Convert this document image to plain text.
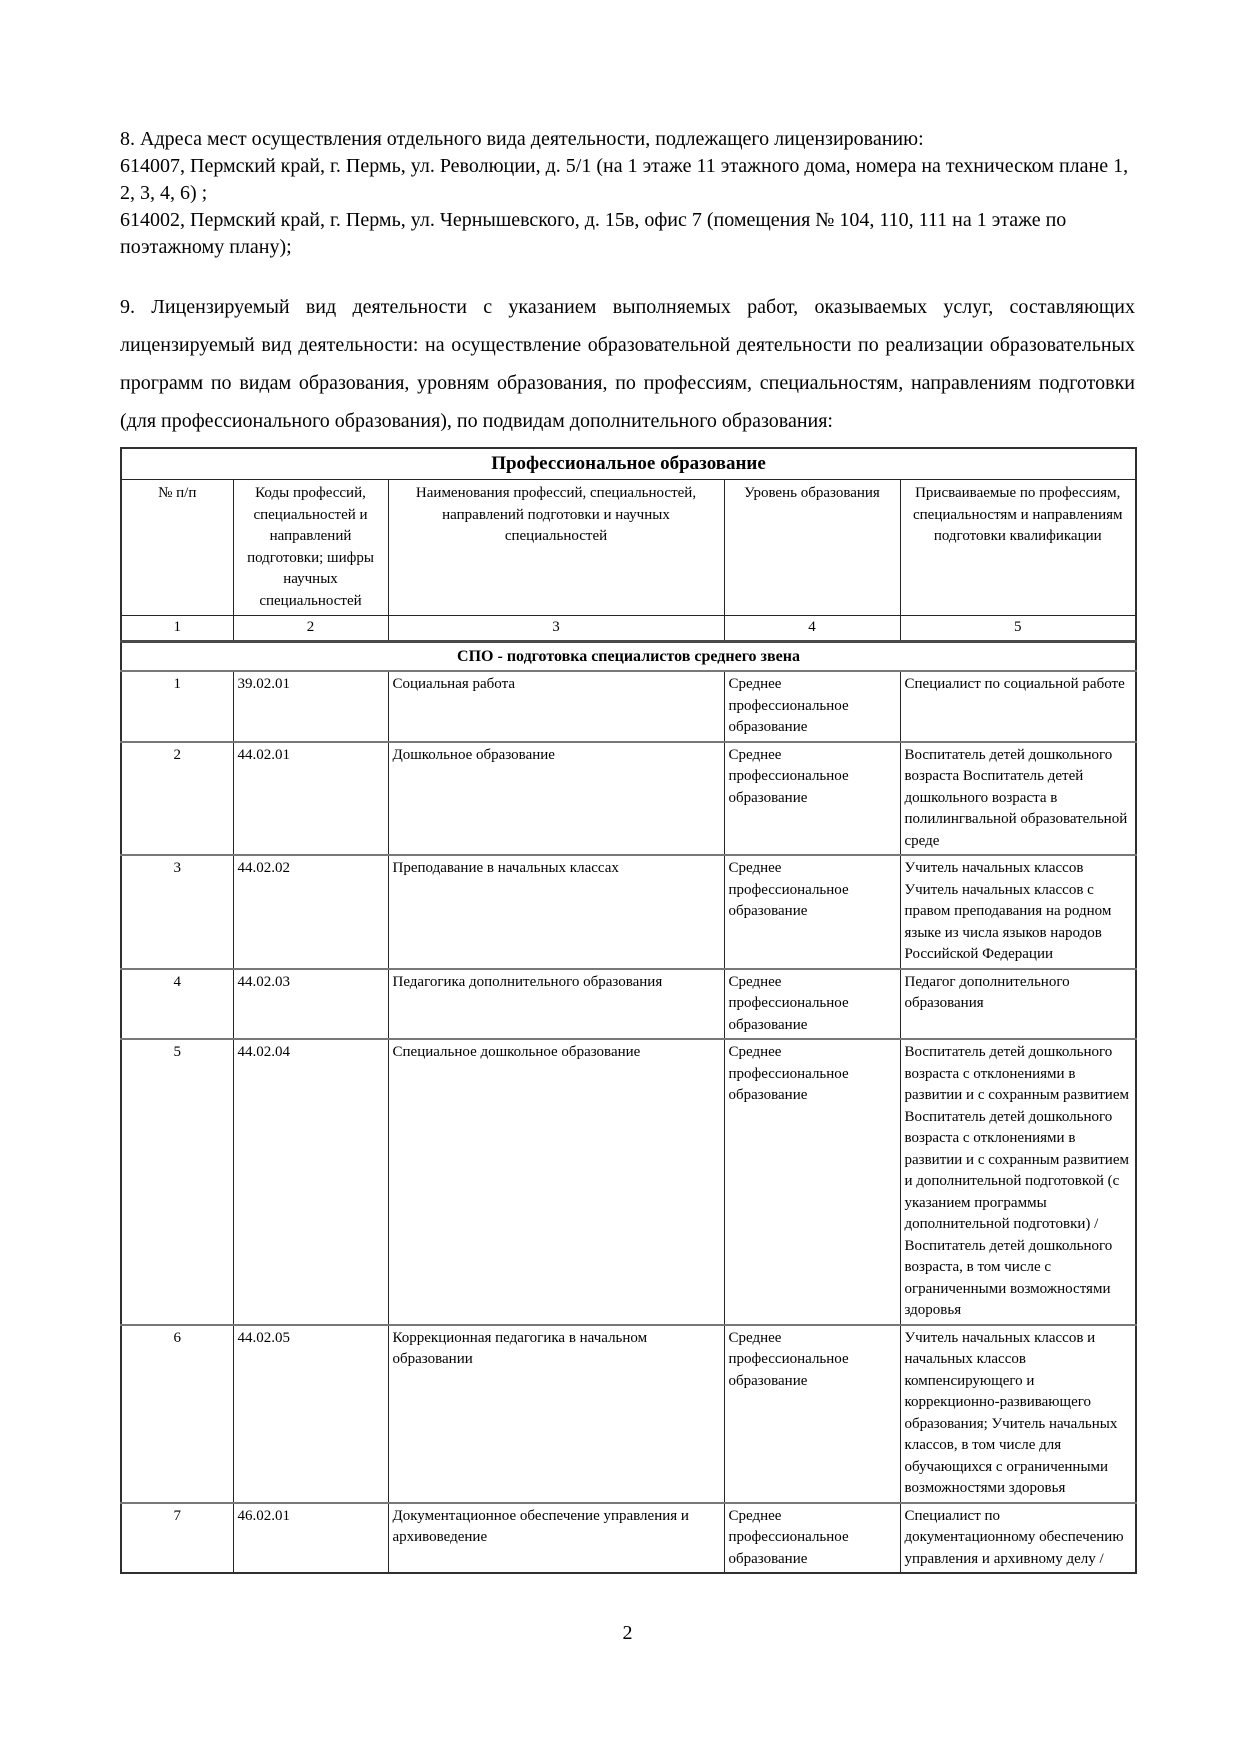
8. Адреса мест осуществления отдельного вида деятельности, подлежащего лицензированию:
614007, Пермский край, г. Пермь, ул. Революции, д. 5/1 (на 1 этаже 11 этажного дома, номера на техническом плане 1, 2, 3, 4, 6) ;
614002, Пермский край, г. Пермь, ул. Чернышевского, д. 15в, офис 7 (помещения № 104, 110, 111 на 1 этаже по поэтажному плану);
9. Лицензируемый вид деятельности с указанием выполняемых работ, оказываемых услуг, составляющих лицензируемый вид деятельности: на осуществление образовательной деятельности по реализации образовательных программ по видам образования, уровням образования, по профессиям, специальностям, направлениям подготовки (для профессионального образования), по подвидам дополнительного образования:
Профессиональное образование				
№ п/п	Коды профессий, специальностей и направлений подготовки; шифры научных специальностей	Наименования профессий, специальностей, направлений подготовки и научных специальностей	Уровень образования	Присваиваемые по профессиям, специальностям и направлениям подготовки квалификации
1	2	3	4	5
СПО - подготовка специалистов среднего звена				
1	39.02.01	Социальная работа	Среднее профессиональное образование	Специалист по социальной работе
2	44.02.01	Дошкольное образование	Среднее профессиональное образование	Воспитатель детей дошкольного возраста Воспитатель детей дошкольного возраста в полилингвальной образовательной среде
3	44.02.02	Преподавание в начальных классах	Среднее профессиональное образование	Учитель начальных классов Учитель начальных классов с правом преподавания на родном языке из числа языков народов Российской Федерации
4	44.02.03	Педагогика дополнительного образования	Среднее профессиональное образование	Педагог дополнительного образования
5	44.02.04	Специальное дошкольное образование	Среднее профессиональное образование	Воспитатель детей дошкольного возраста с отклонениями в развитии и с сохранным развитием Воспитатель детей дошкольного возраста с отклонениями в развитии и с сохранным развитием и дополнительной подготовкой (с указанием программы дополнительной подготовки) / Воспитатель детей дошкольного возраста, в том числе с ограниченными возможностями здоровья
6	44.02.05	Коррекционная педагогика в начальном образовании	Среднее профессиональное образование	Учитель начальных классов и начальных классов компенсирующего и коррекционно-развивающего образования; Учитель начальных классов, в том числе для обучающихся с ограниченными возможностями здоровья
7	46.02.01	Документационное обеспечение управления и архивоведение	Среднее профессиональное образование	Специалист по документационному обеспечению управления и архивному делу /
2
